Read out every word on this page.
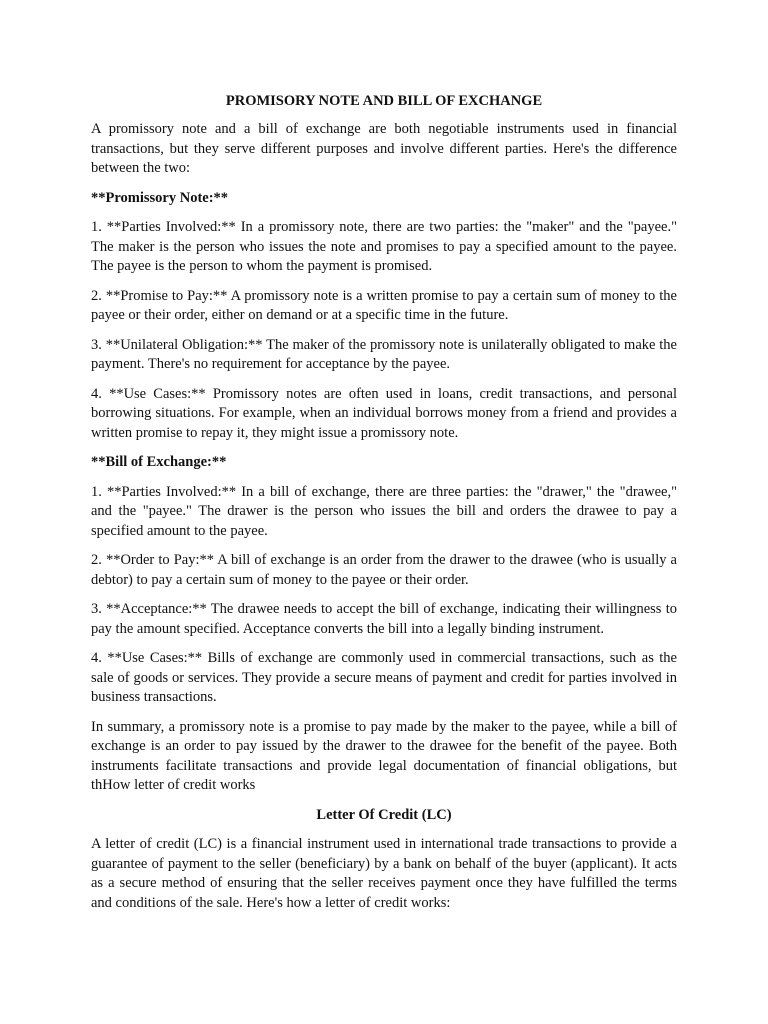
PROMISORY NOTE AND BILL OF EXCHANGE

A promissory note and a bill of exchange are both negotiable instruments used in financial transactions, but they serve different purposes and involve different parties. Here's the difference between the two:

**Promissory Note:**

1. **Parties Involved:** In a promissory note, there are two parties: the "maker" and the "payee." The maker is the person who issues the note and promises to pay a specified amount to the payee. The payee is the person to whom the payment is promised.

2. **Promise to Pay:** A promissory note is a written promise to pay a certain sum of money to the payee or their order, either on demand or at a specific time in the future.

3. **Unilateral Obligation:** The maker of the promissory note is unilaterally obligated to make the payment. There's no requirement for acceptance by the payee.

4. **Use Cases:** Promissory notes are often used in loans, credit transactions, and personal borrowing situations. For example, when an individual borrows money from a friend and provides a written promise to repay it, they might issue a promissory note.

**Bill of Exchange:**

1. **Parties Involved:** In a bill of exchange, there are three parties: the "drawer," the "drawee," and the "payee." The drawer is the person who issues the bill and orders the drawee to pay a specified amount to the payee.

2. **Order to Pay:** A bill of exchange is an order from the drawer to the drawee (who is usually a debtor) to pay a certain sum of money to the payee or their order.

3. **Acceptance:** The drawee needs to accept the bill of exchange, indicating their willingness to pay the amount specified. Acceptance converts the bill into a legally binding instrument.

4. **Use Cases:** Bills of exchange are commonly used in commercial transactions, such as the sale of goods or services. They provide a secure means of payment and credit for parties involved in business transactions.

In summary, a promissory note is a promise to pay made by the maker to the payee, while a bill of exchange is an order to pay issued by the drawer to the drawee for the benefit of the payee. Both instruments facilitate transactions and provide legal documentation of financial obligations, but thHow letter of credit works

Letter Of Credit (LC)

A letter of credit (LC) is a financial instrument used in international trade transactions to provide a guarantee of payment to the seller (beneficiary) by a bank on behalf of the buyer (applicant). It acts as a secure method of ensuring that the seller receives payment once they have fulfilled the terms and conditions of the sale. Here's how a letter of credit works:
